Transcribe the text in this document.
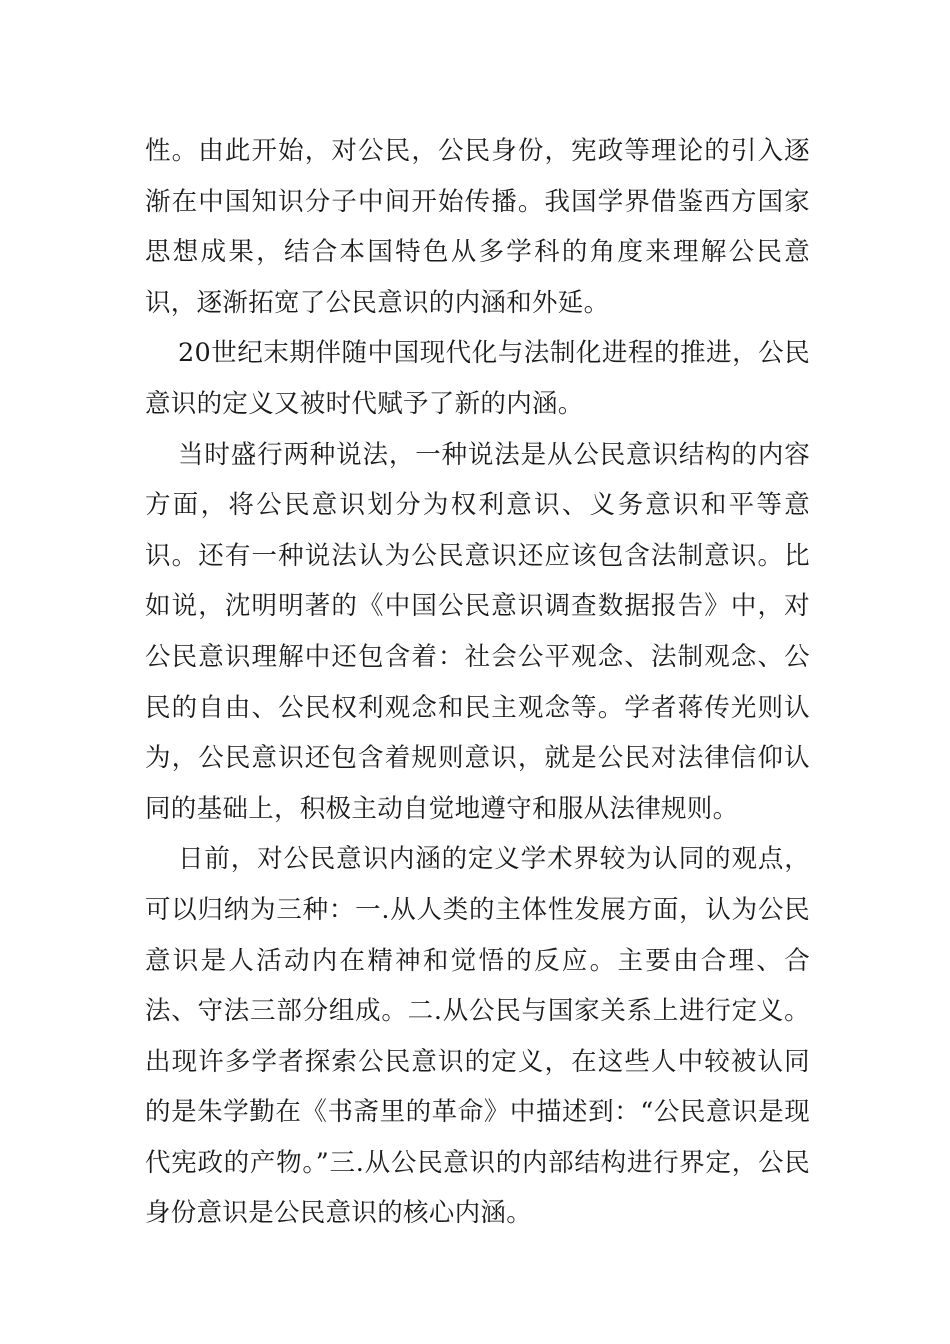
性。由此开始，对公民，公民身份，宪政等理论的引入逐渐在中国知识分子中间开始传播。我国学界借鉴西方国家思想成果，结合本国特色从多学科的角度来理解公民意识，逐渐拓宽了公民意识的内涵和外延。

20世纪末期伴随中国现代化与法制化进程的推进，公民意识的定义又被时代赋予了新的内涵。

当时盛行两种说法，一种说法是从公民意识结构的内容方面，将公民意识划分为权利意识、义务意识和平等意识。还有一种说法认为公民意识还应该包含法制意识。比如说，沈明明著的《中国公民意识调查数据报告》中，对公民意识理解中还包含着：社会公平观念、法制观念、公民的自由、公民权利观念和民主观念等。学者蒋传光则认为，公民意识还包含着规则意识，就是公民对法律信仰认同的基础上，积极主动自觉地遵守和服从法律规则。

日前，对公民意识内涵的定义学术界较为认同的观点，可以归纳为三种：一.从人类的主体性发展方面，认为公民意识是人活动内在精神和觉悟的反应。主要由合理、合法、守法三部分组成。二.从公民与国家关系上进行定义。出现许多学者探索公民意识的定义，在这些人中较被认同的是朱学勤在《书斋里的革命》中描述到：“公民意识是现代宪政的产物。”三.从公民意识的内部结构进行界定，公民身份意识是公民意识的核心内涵。
